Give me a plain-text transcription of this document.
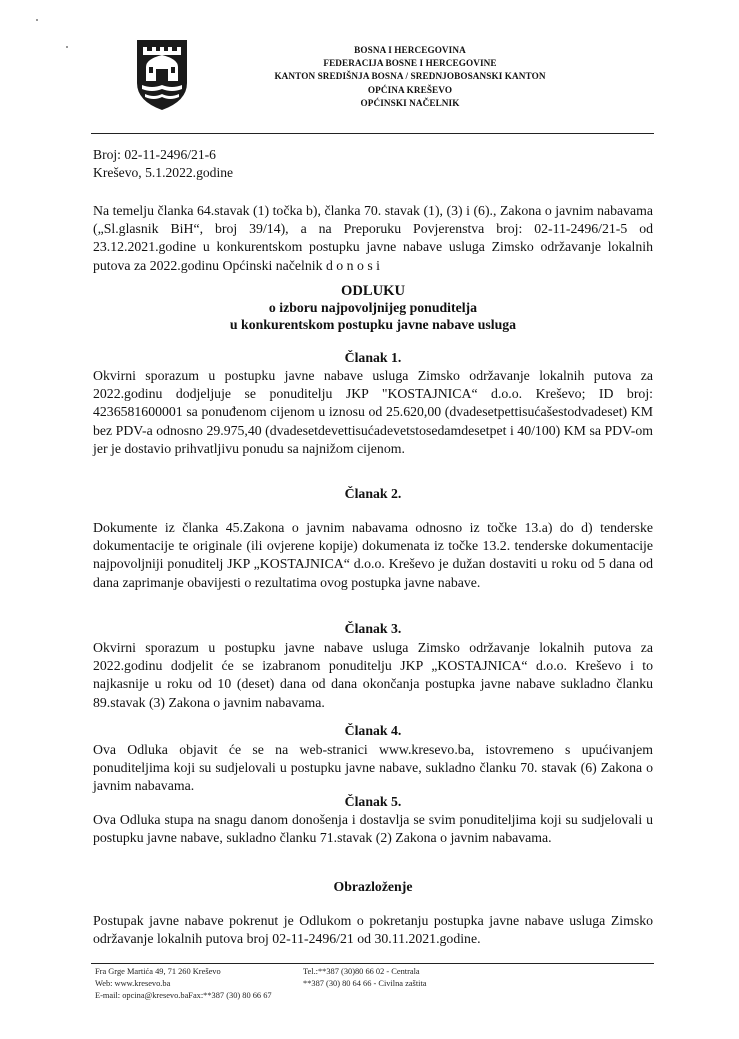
BOSNA I HERCEGOVINA
FEDERACIJA BOSNE I HERCEGOVINE
KANTON SREDIŠNJA BOSNA / SREDNJOBOSANSKI KANTON
OPĆINA KREŠEVO
OPĆINSKI NAČELNIK
Broj: 02-11-2496/21-6
Kreševo, 5.1.2022.godine
Na temelju članka 64.stavak (1) točka b), članka 70. stavak (1), (3) i (6)., Zakona o javnim nabavama („Sl.glasnik BiH“, broj 39/14), a na Preporuku Povjerenstva broj: 02-11-2496/21-5 od 23.12.2021.godine u konkurentskom postupku javne nabave usluga Zimsko održavanje lokalnih putova za 2022.godinu Općinski načelnik d o n o s i
ODLUKU
o izboru najpovoljnijeg ponuditelja
u konkurentskom postupku javne nabave usluga
Članak 1.
Okvirni sporazum u postupku javne nabave usluga Zimsko održavanje lokalnih putova za 2022.godinu dodjeljuje se ponuditelju JKP "KOSTAJNICA“ d.o.o. Kreševo; ID broj: 4236581600001 sa ponuđenom cijenom u iznosu od 25.620,00 (dvadesetpettisućašestodvadeset) KM bez PDV-a odnosno 29.975,40 (dvadesetdevettisućadevetstosedamdesetpet i 40/100) KM sa PDV-om jer je dostavio prihvatljivu ponudu sa najnižom cijenom.
Članak 2.
Dokumente iz članka 45.Zakona o javnim nabavama odnosno iz točke 13.a) do d) tenderske dokumentacije te originale (ili ovjerene kopije) dokumenata iz točke 13.2. tenderske dokumentacije najpovoljniji ponuditelj JKP „KOSTAJNICA“ d.o.o. Kreševo je dužan dostaviti u roku od 5 dana od dana zaprimanje obavijesti o rezultatima ovog postupka javne nabave.
Članak 3.
Okvirni sporazum u postupku javne nabave usluga Zimsko održavanje lokalnih putova za 2022.godinu dodjelit će se izabranom ponuditelju JKP „KOSTAJNICA“ d.o.o. Kreševo i to najkasnije u roku od 10 (deset) dana od dana okončanja postupka javne nabave sukladno članku 89.stavak (3) Zakona o javnim nabavama.
Članak 4.
Ova Odluka objavit će se na web-stranici www.kresevo.ba, istovremeno s upućivanjem ponuditeljima koji su sudjelovali u postupku javne nabave, sukladno članku 70. stavak (6) Zakona o javnim nabavama.
Članak 5.
Ova Odluka stupa na snagu danom donošenja i dostavlja se svim ponuditeljima koji su sudjelovali u postupku javne nabave, sukladno članku 71.stavak (2) Zakona o javnim nabavama.
Obrazloženje
Postupak javne nabave pokrenut je Odlukom o pokretanju postupka javne nabave usluga Zimsko održavanje lokalnih putova broj 02-11-2496/21 od 30.11.2021.godine.
Fra Grge Martića 49, 71 260 Kreševo
Web: www.kresevo.ba
E-mail: opcina@kresevo.baFax:**387 (30) 80 66 67
Tel.:**387 (30)80 66 02 - Centrala
**387 (30) 80 64 66 - Civilna zaštita
